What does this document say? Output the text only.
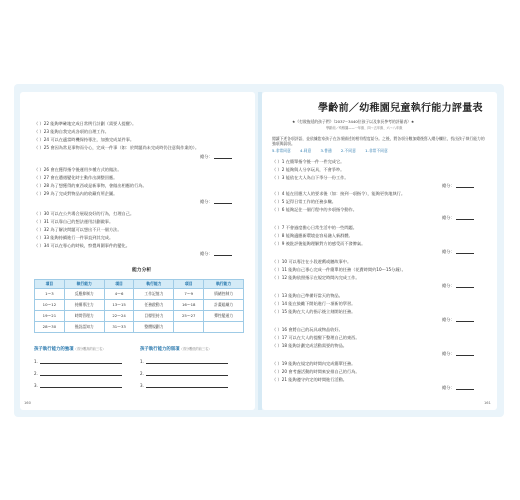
（ ）22 能夠準確地完成日常例行計劃（需要人提醒）。
（ ）23 能夠自我完成各項的自理工作。
（ ）24 可以在適當時機保持專注，加強完成某件事。
（ ）25 會因為常見事物而分心，完成一件事（如：於問題尚未完成時仍注意與作業的）。
總分：
（ ）26 會在獲得指令後運用多種方式的做法。
（ ）27 會在遭遇變化時主動作出調整回應。
（ ）28 為了想獲得的東西或是新事物，會做出相應的行為。
（ ）29 為了完成對物品內的收藏有所企圖。
總分：
（ ）30 可以在公共場合展現良好的行為，打理自己。
（ ）31 可以靠自己的想法運用計劃做事。
（ ）32 為了解決問題可以想出不只一個方法。
（ ）33 能夠持續進行一件事直到其完成。
（ ）34 可以在專心的時候，察覺周圍事件的變化。
總分：
能力分析
項目	執行能力	項目	執行能力	項目	執行能力
1～3	反應抑制力	4～6	工作記憶力	7～9	情緒控制力
10～12	持續專注力	13～15	任務啟動力	16～18	計畫組織力
19～21	時間管理力	22～24	目標堅持力	25～27	彈性變通力
28～30	後設認知力	31～33	整體規劃力		
孩子執行能力的強項（得分數高的前三名）	孩子執行能力的弱項（得分數低的前三名）
1.
2.
3.
1.
2.
3.
160
學齡前／幼稚園兒童執行能力評量表
★《打敗拖延的孩子們》（2037~3440位孩子以及家長參考的評量表）★
學齡前／幼稚園——一年級、四～五年級、六～八年級
閱讀下述各項評語，並依據您家孩子在各項描述的相符程度給分。之後，將各項分數加總後寫入總分欄位，找出孩子執行能力的強項與弱項。
5.非常同意 4.同意 3.普通 2.不同意 1.非常不同意
（ ）1 在簡單指令後一件一件完成它。
（ ）2 能夠與人分享玩具，不會爭吵。
（ ）3 能依在大人為自下季分一份工作。
總分：
（ ）4 能在回應大人的要求後（如：接到一項指令），能夠更快地執行。
（ ）5 記得日常工作的任務步驟。
（ ）6 能夠記住一個行程中的多項指令動作。
總分：
（ ）7 不會過度擔心日常生活中的一些問題。
（ ）8 能夠適應新環境並容易融入新群體。
（ ）9 被批評後能夠理解對方的感受而不發脾氣。
總分：
（ ）10 可以專注在小段遊戲或聽故事中。
（ ）11 能夠自己專心完成一件簡單的任務（花費時間約10～15分鐘）。
（ ）12 能夠依照指示在規定時間內完成工作。
總分：
（ ）13 能夠自己準備好當天的物品。
（ ）14 能在鼓勵下開始進行一項新的學習。
（ ）15 能夠在大人的指示後立刻開始任務。
總分：
（ ）16 會將自己的玩具或物品收好。
（ ）17 可以在大人的提醒下整理自己的東西。
（ ）18 能夠計劃完成活動需要的物品。
總分：
（ ）19 能夠在規定的時間內完成簡單任務。
（ ）20 會考慮活動的時間來安排自己的行為。
（ ）21 能夠遵守約定的時間進行活動。
總分：
161
